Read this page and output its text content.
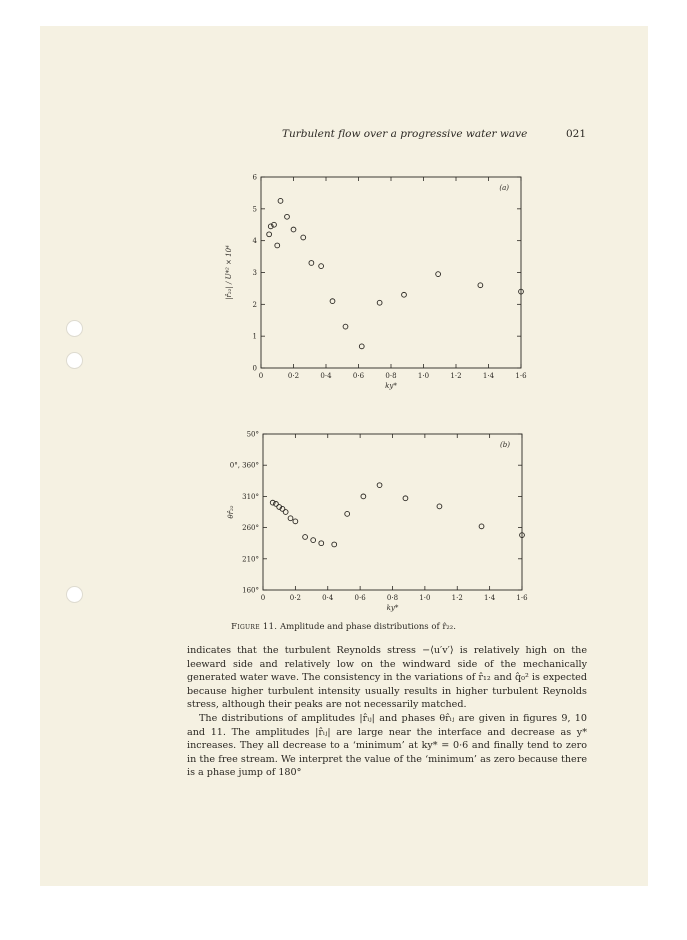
Turbulent flow over a progressive water wave	021
0	0·2	0·4	0·6	0·8	1·0	1·2	1·4	1·6
0
1
2
3
4
5
6
(a)
ky*
|r̂₂₂| / U*² × 10⁴
0	0·2	0·4	0·6	0·8	1·0	1·2	1·4	1·6
160°
210°
260°
310°
0°, 360°
50°
(b)
ky*
θr̂₂₂
Figure 11. Amplitude and phase distributions of r̂₂₂.

indicates that the turbulent Reynolds stress −⟨u′v′⟩ is relatively high on the leeward side and relatively low on the windward side of the mechanically generated water wave. The consistency in the variations of r̂₁₂ and q̂₀² is expected because higher turbulent intensity usually results in higher turbulent Reynolds stress, although their peaks are not necessarily matched.

The distributions of amplitudes |r̂ᵢⱼ| and phases θr̂ᵢⱼ are given in figures 9, 10 and 11. The amplitudes |r̂ᵢⱼ| are large near the interface and decrease as y* increases. They all decrease to a ‘minimum’ at ky* = 0·6 and finally tend to zero in the free stream. We interpret the value of the ‘minimum’ as zero because there is a phase jump of 180°
